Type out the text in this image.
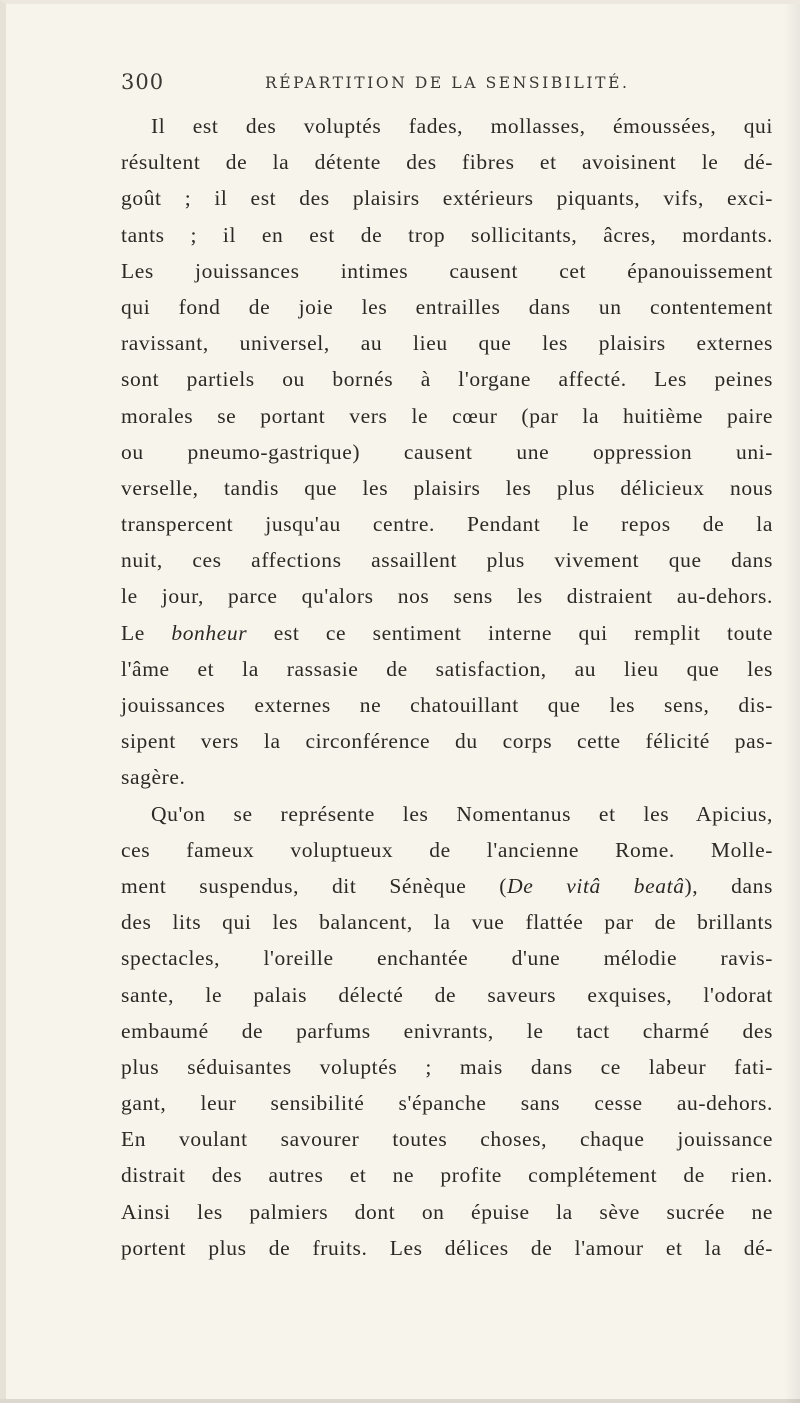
300	RÉPARTITION DE LA SENSIBILITÉ.
Il est des voluptés fades, mollasses, émoussées, qui
résultent de la détente des fibres et avoisinent le dé-
goût ; il est des plaisirs extérieurs piquants, vifs, exci-
tants ; il en est de trop sollicitants, âcres, mordants.
Les jouissances intimes causent cet épanouissement
qui fond de joie les entrailles dans un contentement
ravissant, universel, au lieu que les plaisirs externes
sont partiels ou bornés à l'organe affecté. Les peines
morales se portant vers le cœur (par la huitième paire
ou pneumo-gastrique) causent une oppression uni-
verselle, tandis que les plaisirs les plus délicieux nous
transpercent jusqu'au centre. Pendant le repos de la
nuit, ces affections assaillent plus vivement que dans
le jour, parce qu'alors nos sens les distraient au-dehors.
Le bonheur est ce sentiment interne qui remplit toute
l'âme et la rassasie de satisfaction, au lieu que les
jouissances externes ne chatouillant que les sens, dis-
sipent vers la circonférence du corps cette félicité pas-
sagère.
Qu'on se représente les Nomentanus et les Apicius,
ces fameux voluptueux de l'ancienne Rome. Molle-
ment suspendus, dit Sénèque (De vitâ beatâ), dans
des lits qui les balancent, la vue flattée par de brillants
spectacles, l'oreille enchantée d'une mélodie ravis-
sante, le palais délecté de saveurs exquises, l'odorat
embaumé de parfums enivrants, le tact charmé des
plus séduisantes voluptés ; mais dans ce labeur fati-
gant, leur sensibilité s'épanche sans cesse au-dehors.
En voulant savourer toutes choses, chaque jouissance
distrait des autres et ne profite complétement de rien.
Ainsi les palmiers dont on épuise la sève sucrée ne
portent plus de fruits. Les délices de l'amour et la dé-
